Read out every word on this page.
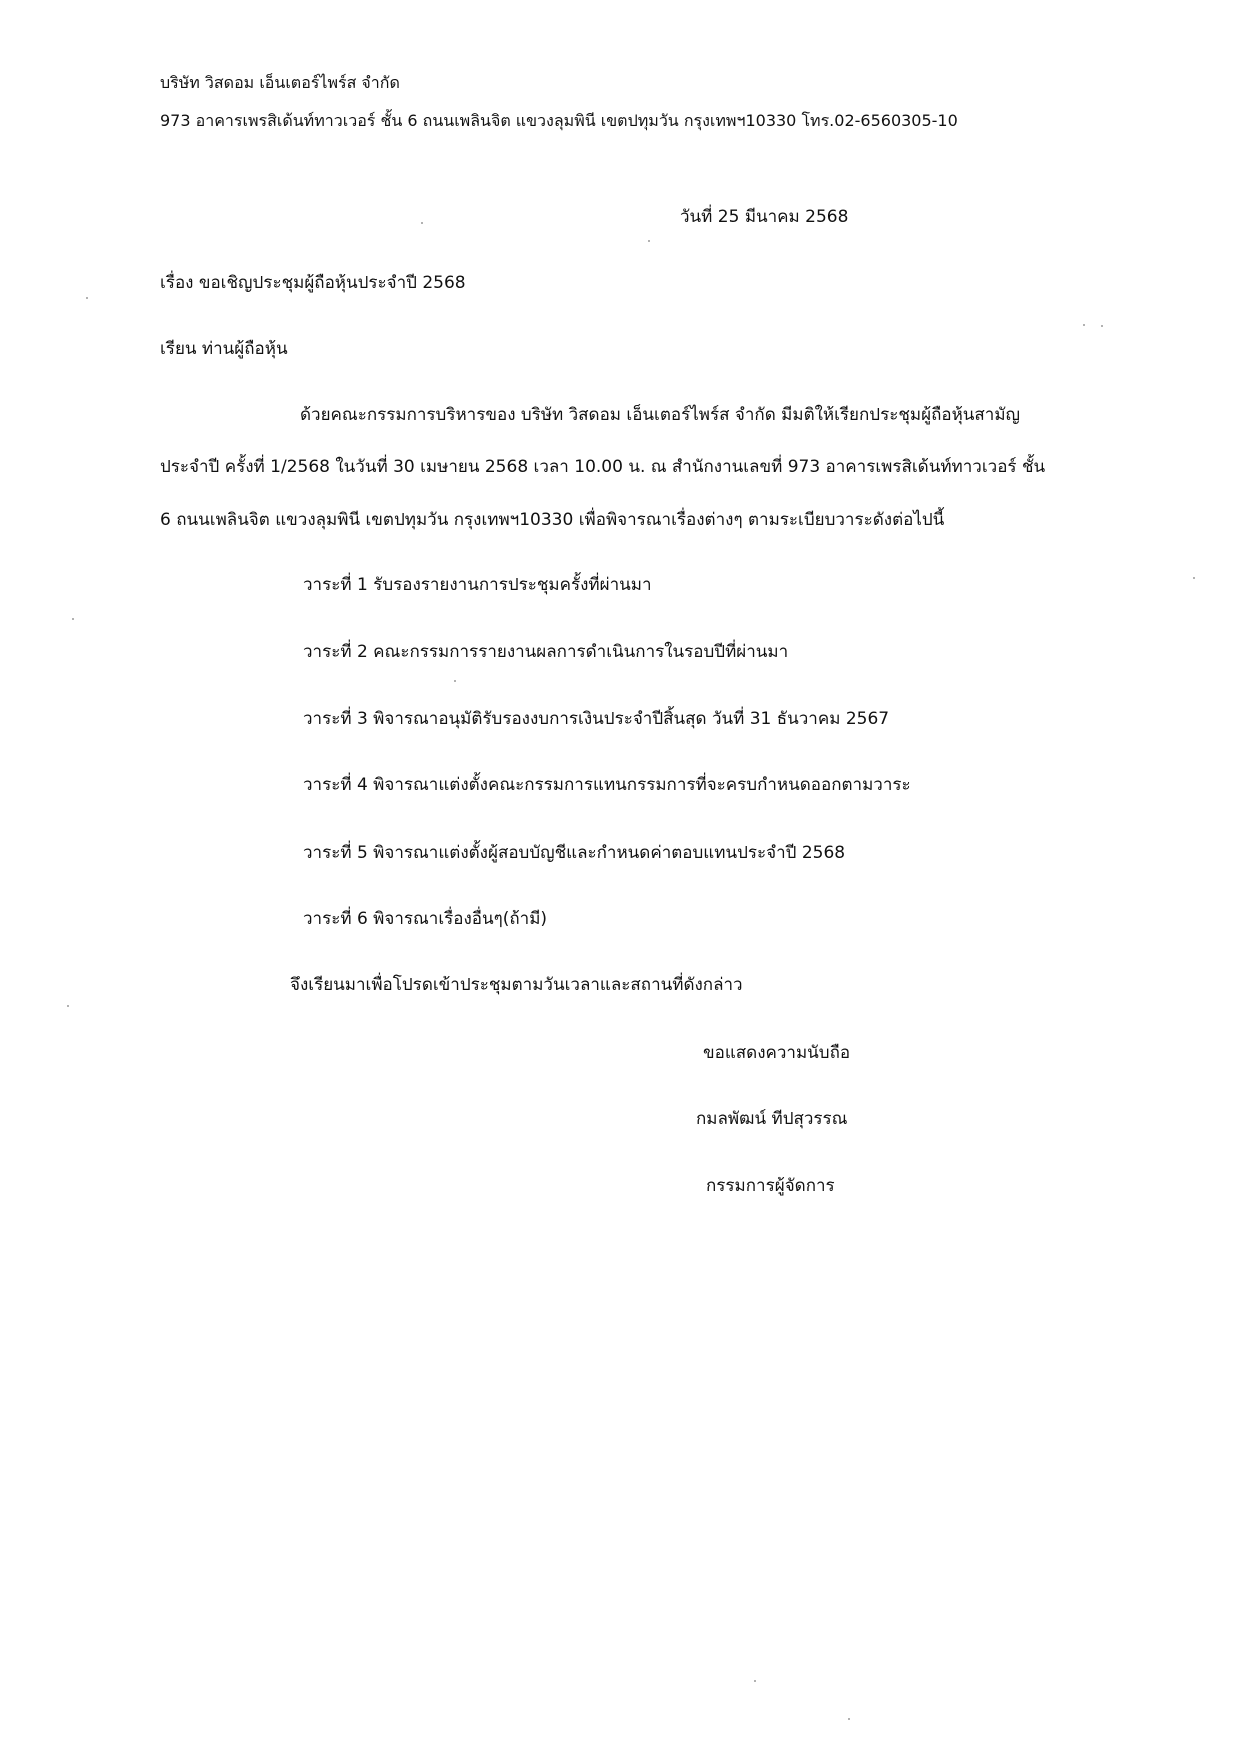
บริษัท วิสดอม เอ็นเตอร์ไพร์ส จำกัด
973 อาคารเพรสิเด้นท์ทาวเวอร์ ชั้น 6 ถนนเพลินจิต แขวงลุมพินี เขตปทุมวัน กรุงเทพฯ10330 โทร.02-6560305-10
วันที่ 25 มีนาคม 2568
เรื่อง ขอเชิญประชุมผู้ถือหุ้นประจำปี 2568
เรียน ท่านผู้ถือหุ้น
ด้วยคณะกรรมการบริหารของ บริษัท วิสดอม เอ็นเตอร์ไพร์ส จำกัด มีมติให้เรียกประชุมผู้ถือหุ้นสามัญ
ประจำปี ครั้งที่ 1/2568 ในวันที่ 30 เมษายน 2568 เวลา 10.00 น. ณ สำนักงานเลขที่ 973 อาคารเพรสิเด้นท์ทาวเวอร์ ชั้น
6 ถนนเพลินจิต แขวงลุมพินี เขตปทุมวัน กรุงเทพฯ10330 เพื่อพิจารณาเรื่องต่างๆ ตามระเบียบวาระดังต่อไปนี้
วาระที่ 1 รับรองรายงานการประชุมครั้งที่ผ่านมา
วาระที่ 2 คณะกรรมการรายงานผลการดำเนินการในรอบปีที่ผ่านมา
วาระที่ 3 พิจารณาอนุมัติรับรองงบการเงินประจำปีสิ้นสุด วันที่ 31 ธันวาคม 2567
วาระที่ 4 พิจารณาแต่งตั้งคณะกรรมการแทนกรรมการที่จะครบกำหนดออกตามวาระ
วาระที่ 5 พิจารณาแต่งตั้งผู้สอบบัญชีและกำหนดค่าตอบแทนประจำปี 2568
วาระที่ 6 พิจารณาเรื่องอื่นๆ(ถ้ามี)
จึงเรียนมาเพื่อโปรดเข้าประชุมตามวันเวลาและสถานที่ดังกล่าว
ขอแสดงความนับถือ
กมลพัฒน์ ทีปสุวรรณ
กรรมการผู้จัดการ
